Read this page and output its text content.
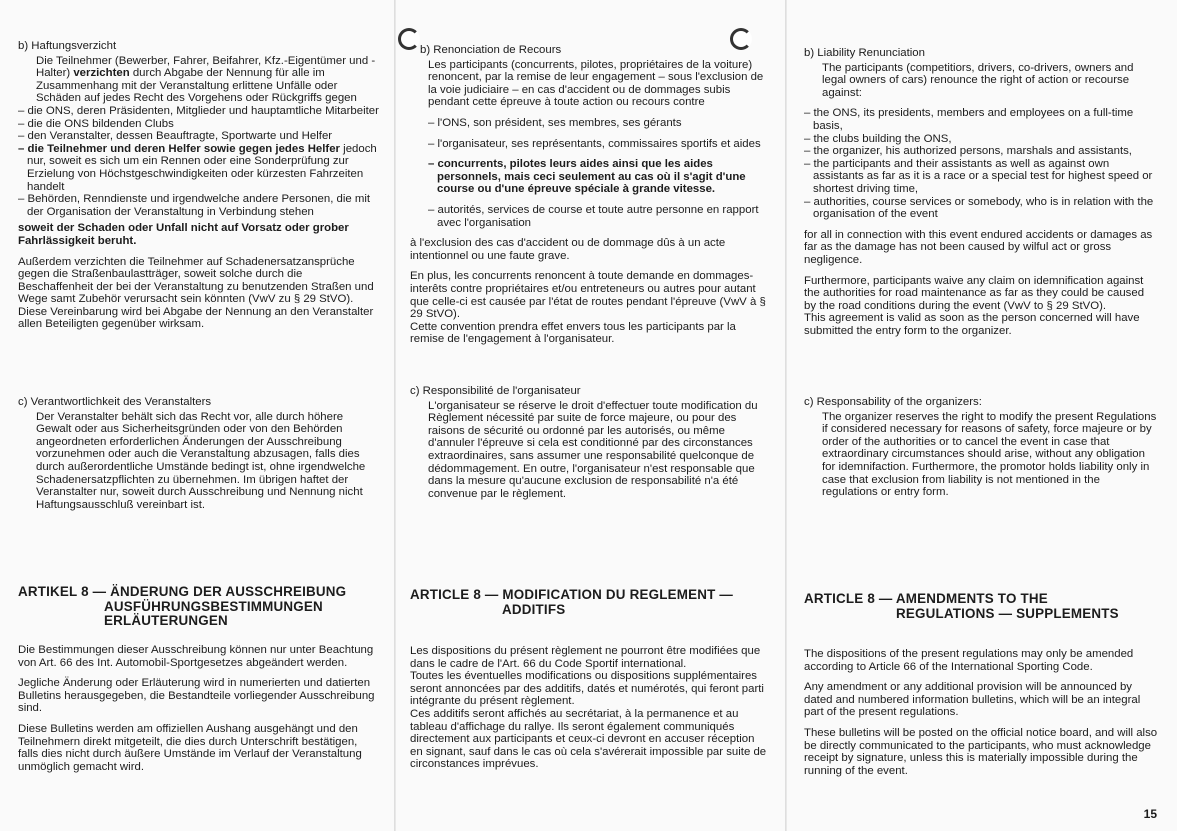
b) Haftungsverzicht
Die Teilnehmer (Bewerber, Fahrer, Beifahrer, Kfz.-Eigentümer und -Halter) verzichten durch Abgabe der Nennung für alle im Zusammenhang mit der Veranstaltung erlittene Unfälle oder Schäden auf jedes Recht des Vorgehens oder Rückgriffs gegen
– die ONS, deren Präsidenten, Mitglieder und hauptamtliche Mitarbeiter
– die die ONS bildenden Clubs
– den Veranstalter, dessen Beauftragte, Sportwarte und Helfer
– die Teilnehmer und deren Helfer sowie gegen jedes Helfer jedoch nur, soweit es sich um ein Rennen oder eine Sonderprüfung zur Erzielung von Höchstgeschwindigkeiten oder kürzesten Fahrzeiten handelt
– Behörden, Renndienste und irgendwelche andere Personen, die mit der Organisation der Veranstaltung in Verbindung stehen
soweit der Schaden oder Unfall nicht auf Vorsatz oder grober Fahrlässigkeit beruht.
Außerdem verzichten die Teilnehmer auf Schadenersatzansprüche gegen die Straßenbaulastträger, soweit solche durch die Beschaffenheit der bei der Veranstaltung zu benutzenden Straßen und Wege samt Zubehör verursacht sein könnten (VwV zu § 29 StVO).
Diese Vereinbarung wird bei Abgabe der Nennung an den Veranstalter allen Beteiligten gegenüber wirksam.
c) Verantwortlichkeit des Veranstalters
Der Veranstalter behält sich das Recht vor, alle durch höhere Gewalt oder aus Sicherheitsgründen oder von den Behörden angeordneten erforderlichen Änderungen der Ausschreibung vorzunehmen oder auch die Veranstaltung abzusagen, falls dies durch außerordentliche Umstände bedingt ist, ohne irgendwelche Schadenersatzpflichten zu übernehmen. Im übrigen haftet der Veranstalter nur, soweit durch Ausschreibung und Nennung nicht Haftungsausschluß vereinbart ist.
ARTIKEL 8 — ÄNDERUNG DER AUSSCHREIBUNG
AUSFÜHRUNGSBESTIMMUNGEN
ERLÄUTERUNGEN
Die Bestimmungen dieser Ausschreibung können nur unter Beachtung von Art. 66 des Int. Automobil-Sportgesetzes abgeändert werden.
Jegliche Änderung oder Erläuterung wird in numerierten und datierten Bulletins herausgegeben, die Bestandteile vorliegender Ausschreibung sind.
Diese Bulletins werden am offiziellen Aushang ausgehängt und den Teilnehmern direkt mitgeteilt, die dies durch Unterschrift bestätigen, falls dies nicht durch äußere Umstände im Verlauf der Veranstaltung unmöglich gemacht wird.
b) Renonciation de Recours
Les participants (concurrents, pilotes, propriétaires de la voiture) renoncent, par la remise de leur engagement – sous l'exclusion de la voie judiciaire – en cas d'accident ou de dommages subis pendant cette épreuve à toute action ou recours contre
– l'ONS, son président, ses membres, ses gérants
– l'organisateur, ses représentants, commissaires sportifs et aides
– concurrents, pilotes leurs aides ainsi que les aides personnels, mais ceci seulement au cas où il s'agit d'une course ou d'une épreuve spéciale à grande vitesse.
– autorités, services de course et toute autre personne en rapport avec l'organisation
à l'exclusion des cas d'accident ou de dommage dûs à un acte intentionnel ou une faute grave.
En plus, les concurrents renoncent à toute demande en dommages-interêts contre propriétaires et/ou entreteneurs ou autres pour autant que celle-ci est causée par l'état de routes pendant l'épreuve (VwV à § 29 StVO).
Cette convention prendra effet envers tous les participants par la remise de l'engagement à l'organisateur.
c) Responsibilité de l'organisateur
L'organisateur se réserve le droit d'effectuer toute modification du Règlement nécessité par suite de force majeure, ou pour des raisons de sécurité ou ordonné par les autorisés, ou même d'annuler l'épreuve si cela est conditionné par des circonstances extraordinaires, sans assumer une responsabilité quelconque de dédommagement. En outre, l'organisateur n'est responsable que dans la mesure qu'aucune exclusion de responsabilité n'a été convenue par le règlement.
ARTICLE 8 — MODIFICATION DU REGLEMENT —
ADDITIFS
Les dispositions du présent règlement ne pourront être modifiées que dans le cadre de l'Art. 66 du Code Sportif international.
Toutes les éventuelles modifications ou dispositions supplémentaires seront annoncées par des additifs, datés et numérotés, qui feront parti intégrante du présent règlement.
Ces additifs seront affichés au secrétariat, à la permanence et au tableau d'affichage du rallye. Ils seront également communiqués directement aux participants et ceux-ci devront en accuser réception en signant, sauf dans le cas où cela s'avérerait impossible par suite de circonstances imprévues.
b) Liability Renunciation
The participants (competitiors, drivers, co-drivers, owners and legal owners of cars) renounce the right of action or recourse against:
– the ONS, its presidents, members and employees on a full-time basis,
– the clubs building the ONS,
– the organizer, his authorized persons, marshals and assistants,
– the participants and their assistants as well as against own assistants as far as it is a race or a special test for highest speed or shortest driving time,
– authorities, course services or somebody, who is in relation with the organisation of the event
for all in connection with this event endured accidents or damages as far as the damage has not been caused by wilful act or gross negligence.
Furthermore, participants waive any claim on idemnification against the authorities for road maintenance as far as they could be caused by the road conditions during the event (VwV to § 29 StVO).
This agreement is valid as soon as the person concerned will have submitted the entry form to the organizer.
c) Responsability of the organizers:
The organizer reserves the right to modify the present Regulations if considered necessary for reasons of safety, force majeure or by order of the authorities or to cancel the event in case that extraordinary circumstances should arise, without any obligation for idemnifaction. Furthermore, the promotor holds liability only in case that exclusion from liability is not mentioned in the regulations or entry form.
ARTICLE 8 — AMENDMENTS TO THE
REGULATIONS — SUPPLEMENTS
The dispositions of the present regulations may only be amended according to Article 66 of the International Sporting Code.
Any amendment or any additional provision will be announced by dated and numbered information bulletins, which will be an integral part of the present regulations.
These bulletins will be posted on the official notice board, and will also be directly communicated to the participants, who must acknowledge receipt by signature, unless this is materially impossible during the running of the event.
15
